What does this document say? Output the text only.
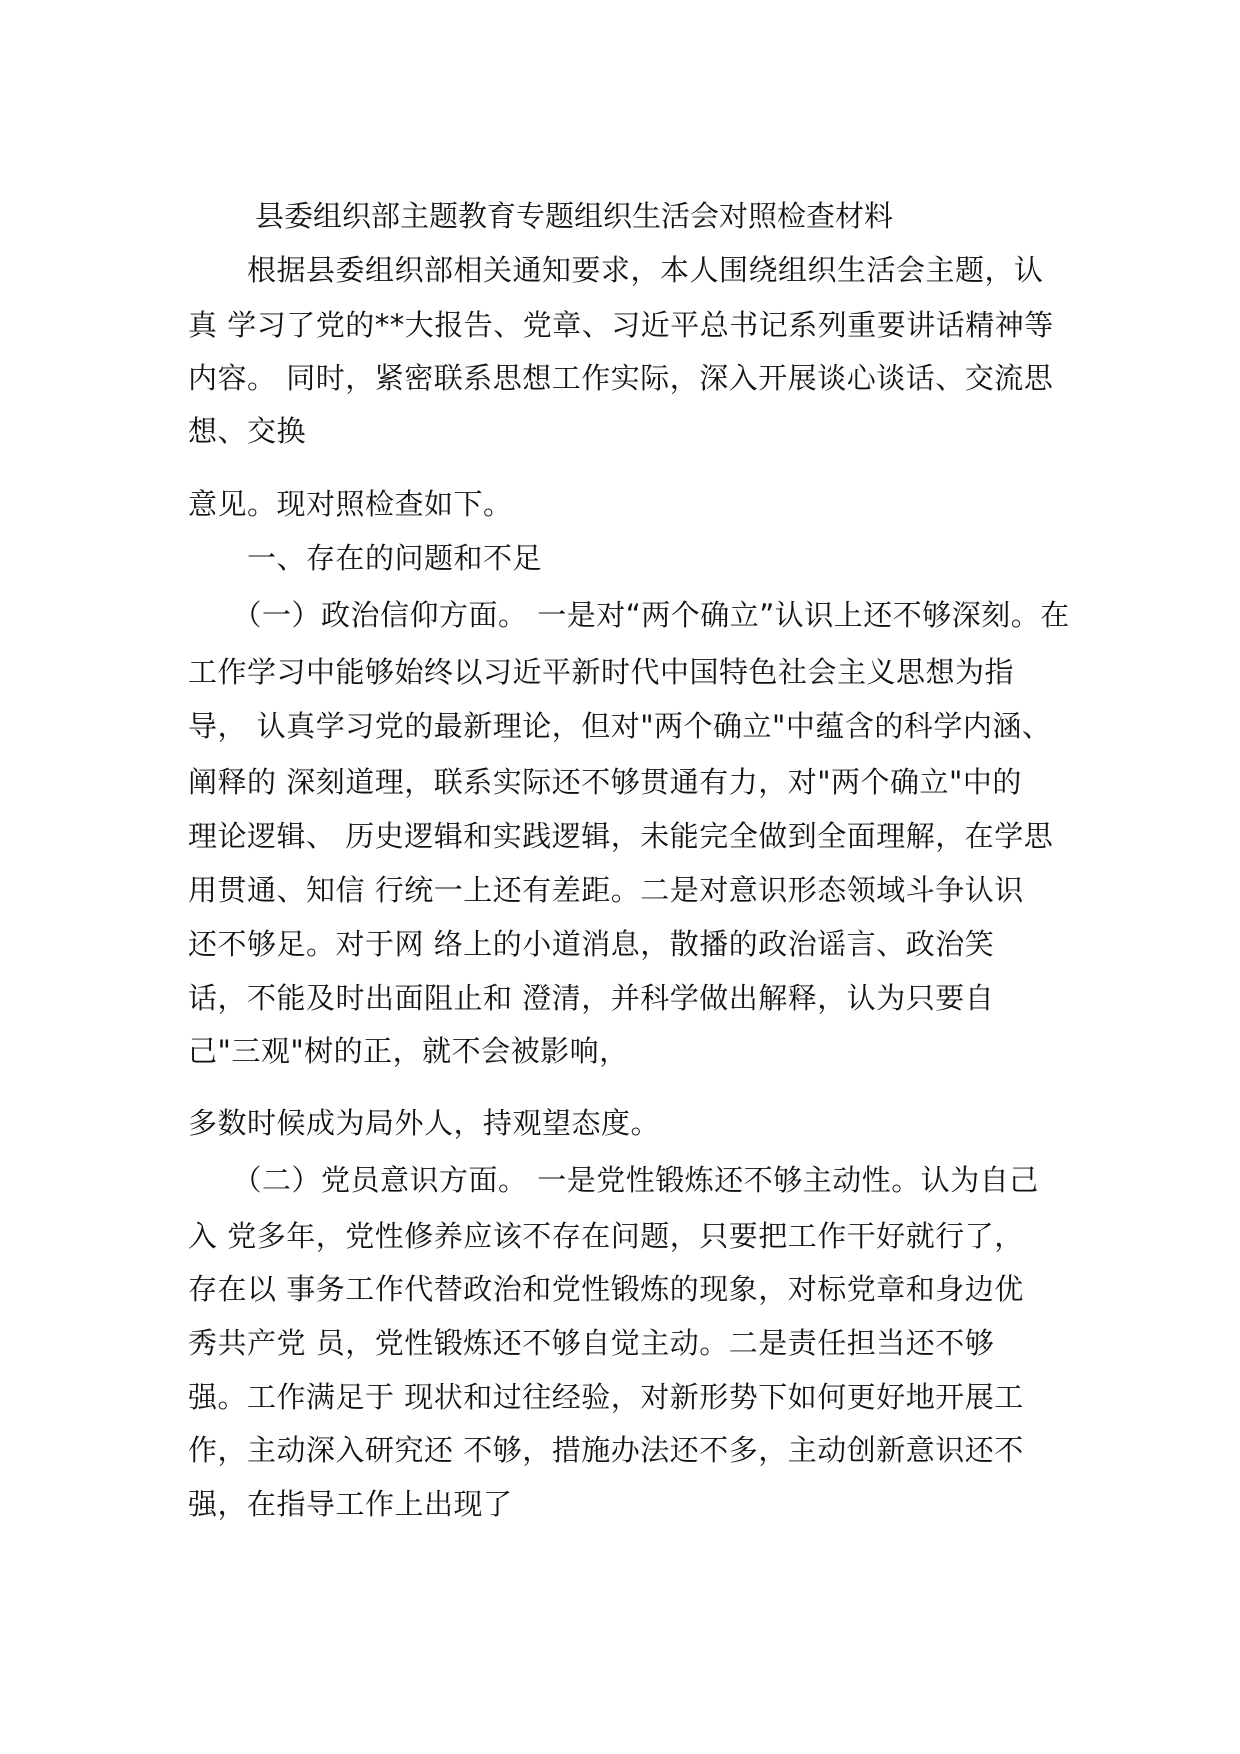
县委组织部主题教育专题组织生活会对照检查材料
　　根据县委组织部相关通知要求，本人围绕组织生活会主题，认
真 学习了党的**大报告、党章、习近平总书记系列重要讲话精神等
内容。 同时，紧密联系思想工作实际，深入开展谈心谈话、交流思
想、交换
意见。现对照检查如下。
　　一、存在的问题和不足
　　（一）政治信仰方面。 一是对“两个确立”认识上还不够深刻。在
工作学习中能够始终以习近平新时代中国特色社会主义思想为指
导， 认真学习党的最新理论，但对"两个确立"中蕴含的科学内涵、
阐释的 深刻道理，联系实际还不够贯通有力，对"两个确立"中的
理论逻辑、 历史逻辑和实践逻辑，未能完全做到全面理解，在学思
用贯通、知信 行统一上还有差距。二是对意识形态领域斗争认识
还不够足。对于网 络上的小道消息，散播的政治谣言、政治笑
话，不能及时出面阻止和 澄清，并科学做出解释，认为只要自
己"三观"树的正，就不会被影响，
多数时候成为局外人，持观望态度。
　　（二）党员意识方面。 一是党性锻炼还不够主动性。认为自己
入 党多年，党性修养应该不存在问题，只要把工作干好就行了，
存在以 事务工作代替政治和党性锻炼的现象，对标党章和身边优
秀共产党 员，党性锻炼还不够自觉主动。二是责任担当还不够
强。工作满足于 现状和过往经验，对新形势下如何更好地开展工
作，主动深入研究还 不够，措施办法还不多，主动创新意识还不
强，在指导工作上出现了
